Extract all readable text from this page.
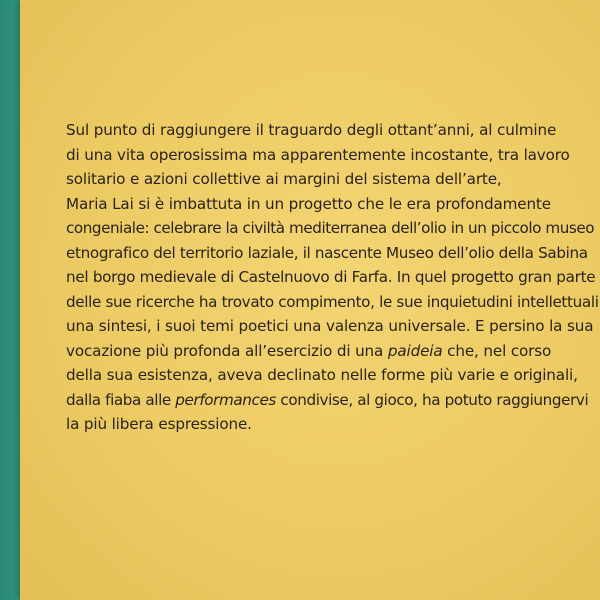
Sul punto di raggiungere il traguardo degli ottant’anni, al culmine
di una vita operosissima ma apparentemente incostante, tra lavoro
solitario e azioni collettive ai margini del sistema dell’arte,
Maria Lai si è imbattuta in un progetto che le era profondamente
congeniale: celebrare la civiltà mediterranea dell’olio in un piccolo museo
etnografico del territorio laziale, il nascente Museo dell’olio della Sabina
nel borgo medievale di Castelnuovo di Farfa. In quel progetto gran parte
delle sue ricerche ha trovato compimento, le sue inquietudini intellettuali
una sintesi, i suoi temi poetici una valenza universale. E persino la sua
vocazione più profonda all’esercizio di una paideia che, nel corso
della sua esistenza, aveva declinato nelle forme più varie e originali,
dalla fiaba alle performances condivise, al gioco, ha potuto raggiungervi
la più libera espressione.
